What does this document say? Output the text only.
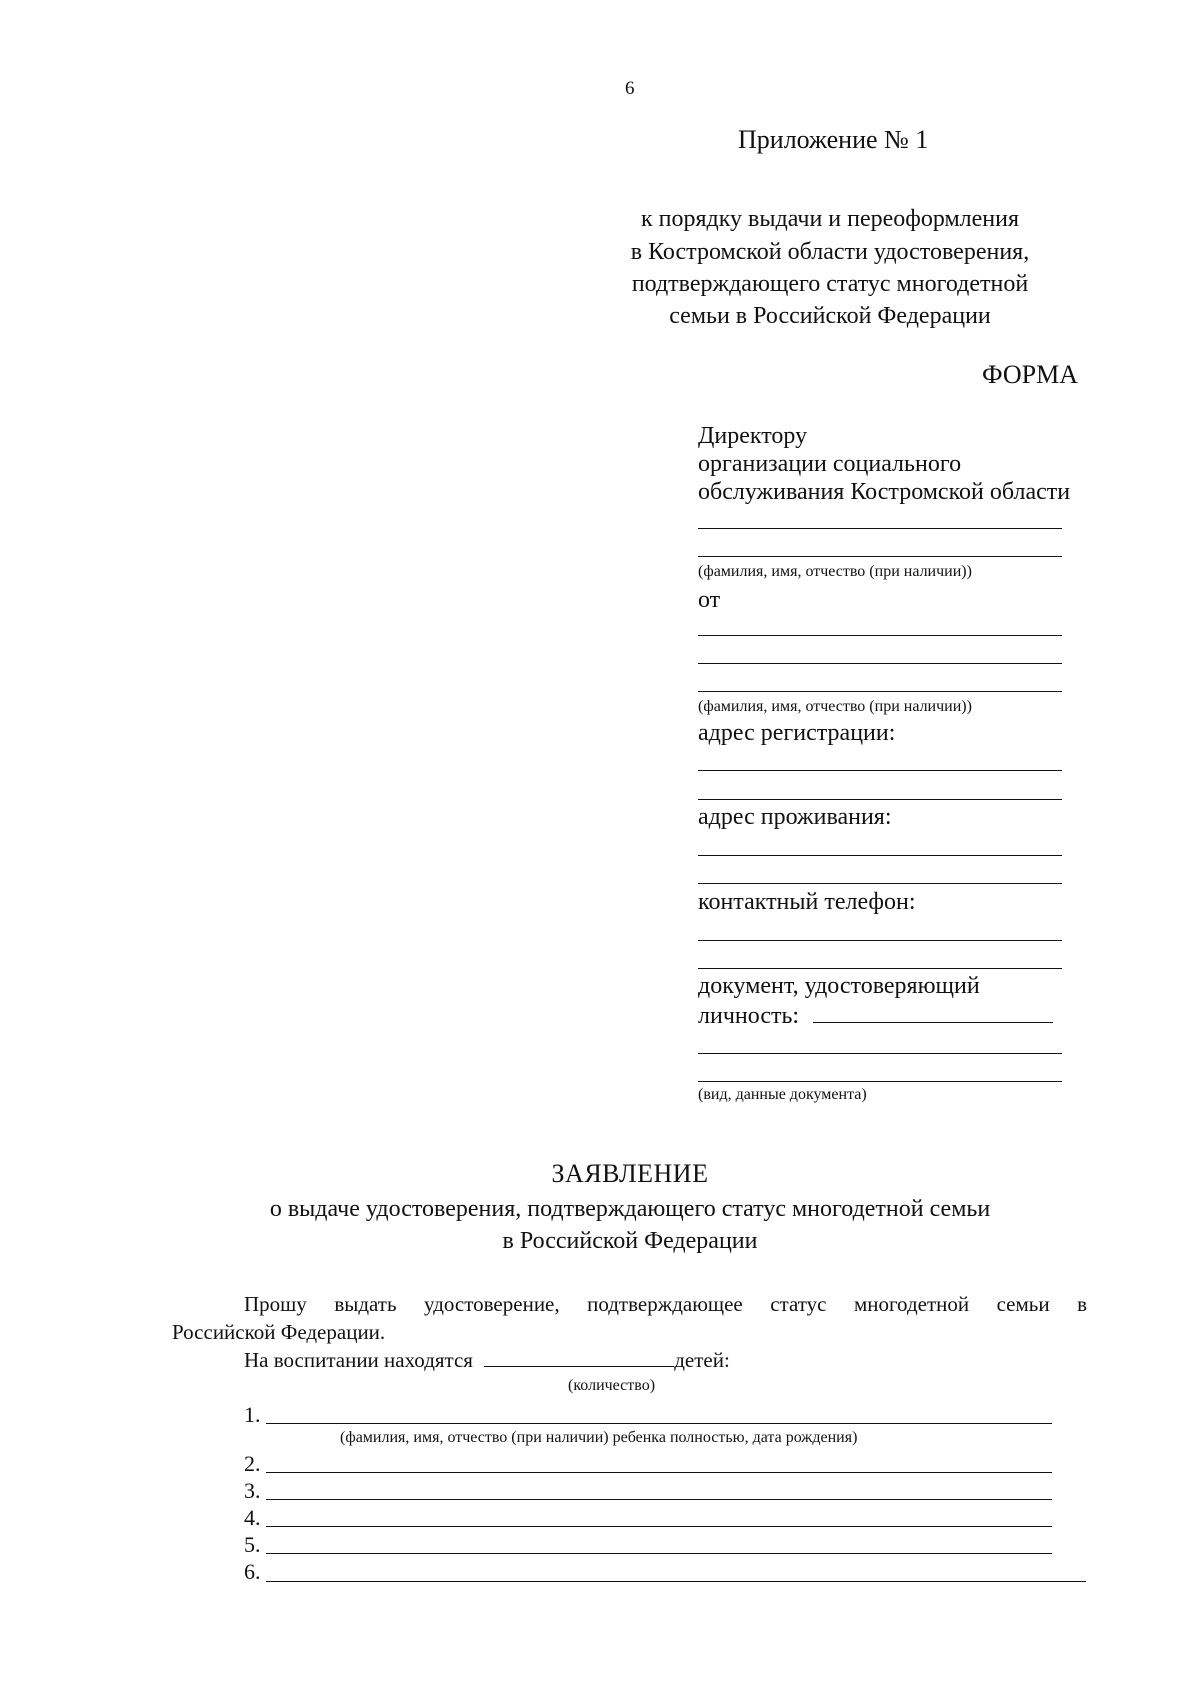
6
Приложение № 1
к порядку выдачи и переоформления
в Костромской области удостоверения,
подтверждающего статус многодетной
семьи в Российской Федерации
ФОРМА
Директору
организации социального
обслуживания Костромской области
(фамилия, имя, отчество (при наличии))
от
(фамилия, имя, отчество (при наличии))
адрес регистрации:
адрес проживания:
контактный телефон:
документ, удостоверяющий
личность:
(вид, данные документа)
ЗАЯВЛЕНИЕ
о выдаче удостоверения, подтверждающего статус многодетной семьи
в Российской Федерации
Прошу выдать удостоверение, подтверждающее статус многодетной семьи в
Российской Федерации.
На воспитании находятся	детей:
(количество)
1.
(фамилия, имя, отчество (при наличии) ребенка полностью, дата рождения)
2.
3.
4.
5.
6.
